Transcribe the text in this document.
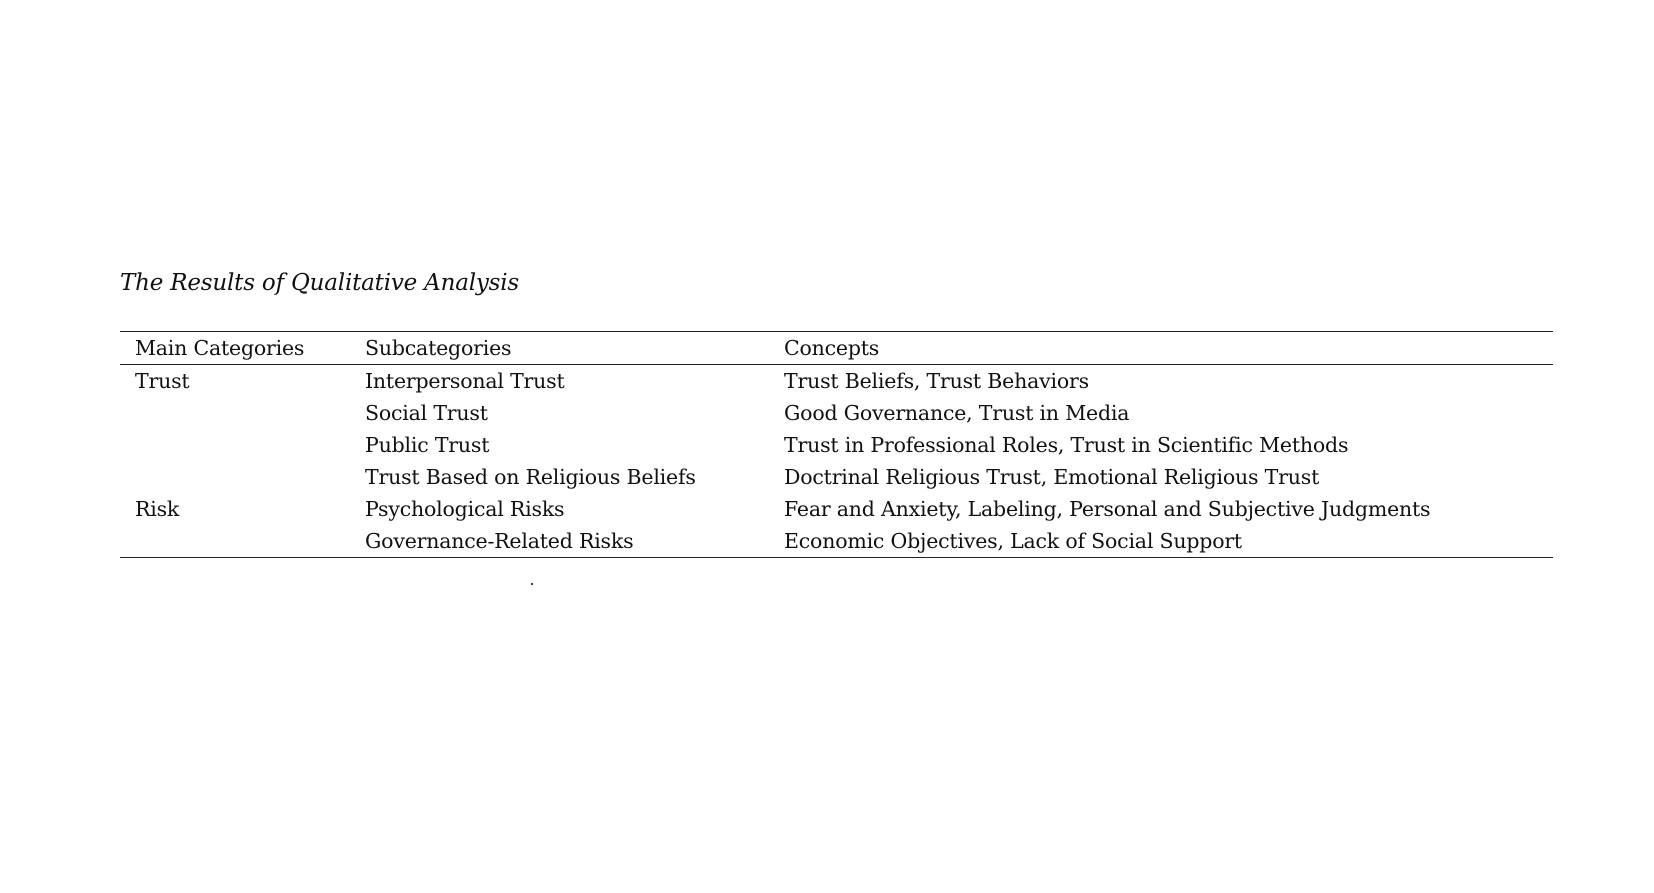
The Results of Qualitative Analysis
Main Categories	Subcategories	Concepts
Trust	Interpersonal Trust	Trust Beliefs, Trust Behaviors
	Social Trust	Good Governance, Trust in Media
	Public Trust	Trust in Professional Roles, Trust in Scientific Methods
	Trust Based on Religious Beliefs	Doctrinal Religious Trust, Emotional Religious Trust
Risk	Psychological Risks	Fear and Anxiety, Labeling, Personal and Subjective Judgments
	Governance-Related Risks	Economic Objectives, Lack of Social Support
